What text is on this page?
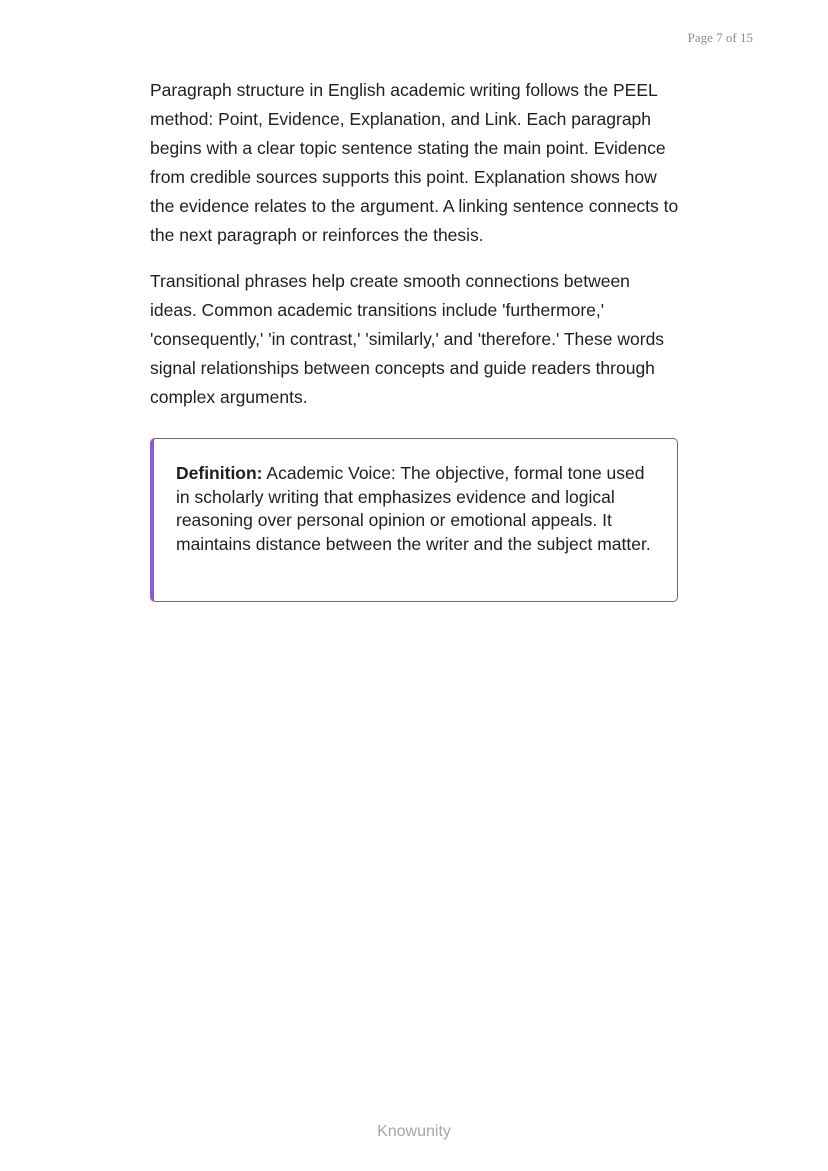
Page 7 of 15

Paragraph structure in English academic writing follows the PEEL method: Point, Evidence, Explanation, and Link. Each paragraph begins with a clear topic sentence stating the main point. Evidence from credible sources supports this point. Explanation shows how the evidence relates to the argument. A linking sentence connects to the next paragraph or reinforces the thesis.

Transitional phrases help create smooth connections between ideas. Common academic transitions include 'furthermore,' 'consequently,' 'in contrast,' 'similarly,' and 'therefore.' These words signal relationships between concepts and guide readers through complex arguments.

Definition: Academic Voice: The objective, formal tone used in scholarly writing that emphasizes evidence and logical reasoning over personal opinion or emotional appeals. It maintains distance between the writer and the subject matter.

Knowunity
